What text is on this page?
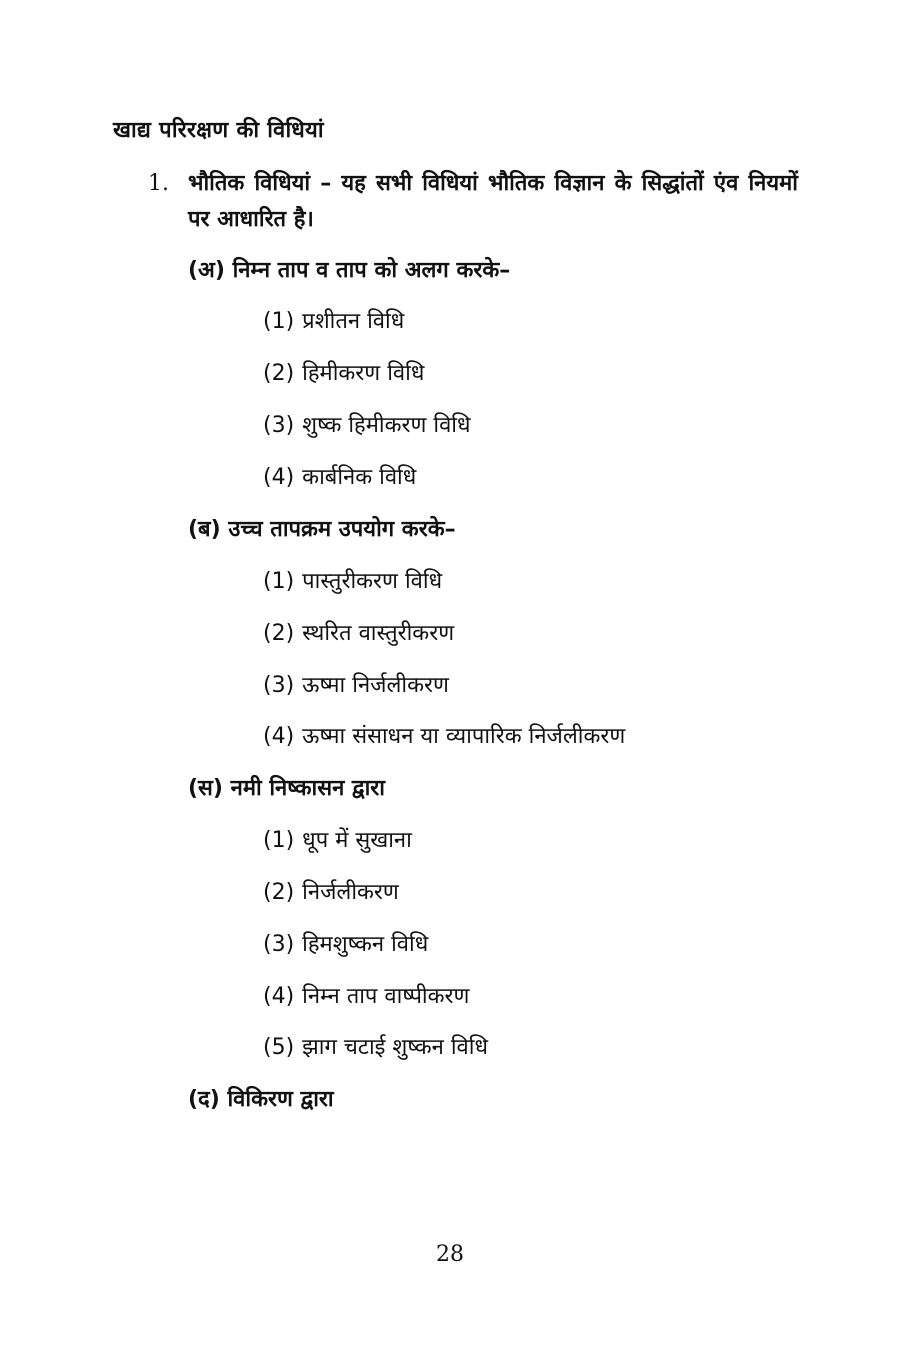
खाद्य परिरक्षण की विधियां
1. भौतिक विधियां – यह सभी विधियां भौतिक विज्ञान के सिद्धांतों एंव नियमों पर आधारित है।
(अ) निम्न ताप व ताप को अलग करके–
(1) प्रशीतन विधि
(2) हिमीकरण विधि
(3) शुष्क हिमीकरण विधि
(4) कार्बनिक विधि
(ब) उच्च तापक्रम उपयोग करके–
(1) पास्तुरीकरण विधि
(2) स्थरित वास्तुरीकरण
(3) ऊष्मा निर्जलीकरण
(4) ऊष्मा संसाधन या व्यापारिक निर्जलीकरण
(स) नमी निष्कासन द्वारा
(1) धूप में सुखाना
(2) निर्जलीकरण
(3) हिमशुष्कन विधि
(4) निम्न ताप वाष्पीकरण
(5) झाग चटाई शुष्कन विधि
(द) विकिरण द्वारा
28
